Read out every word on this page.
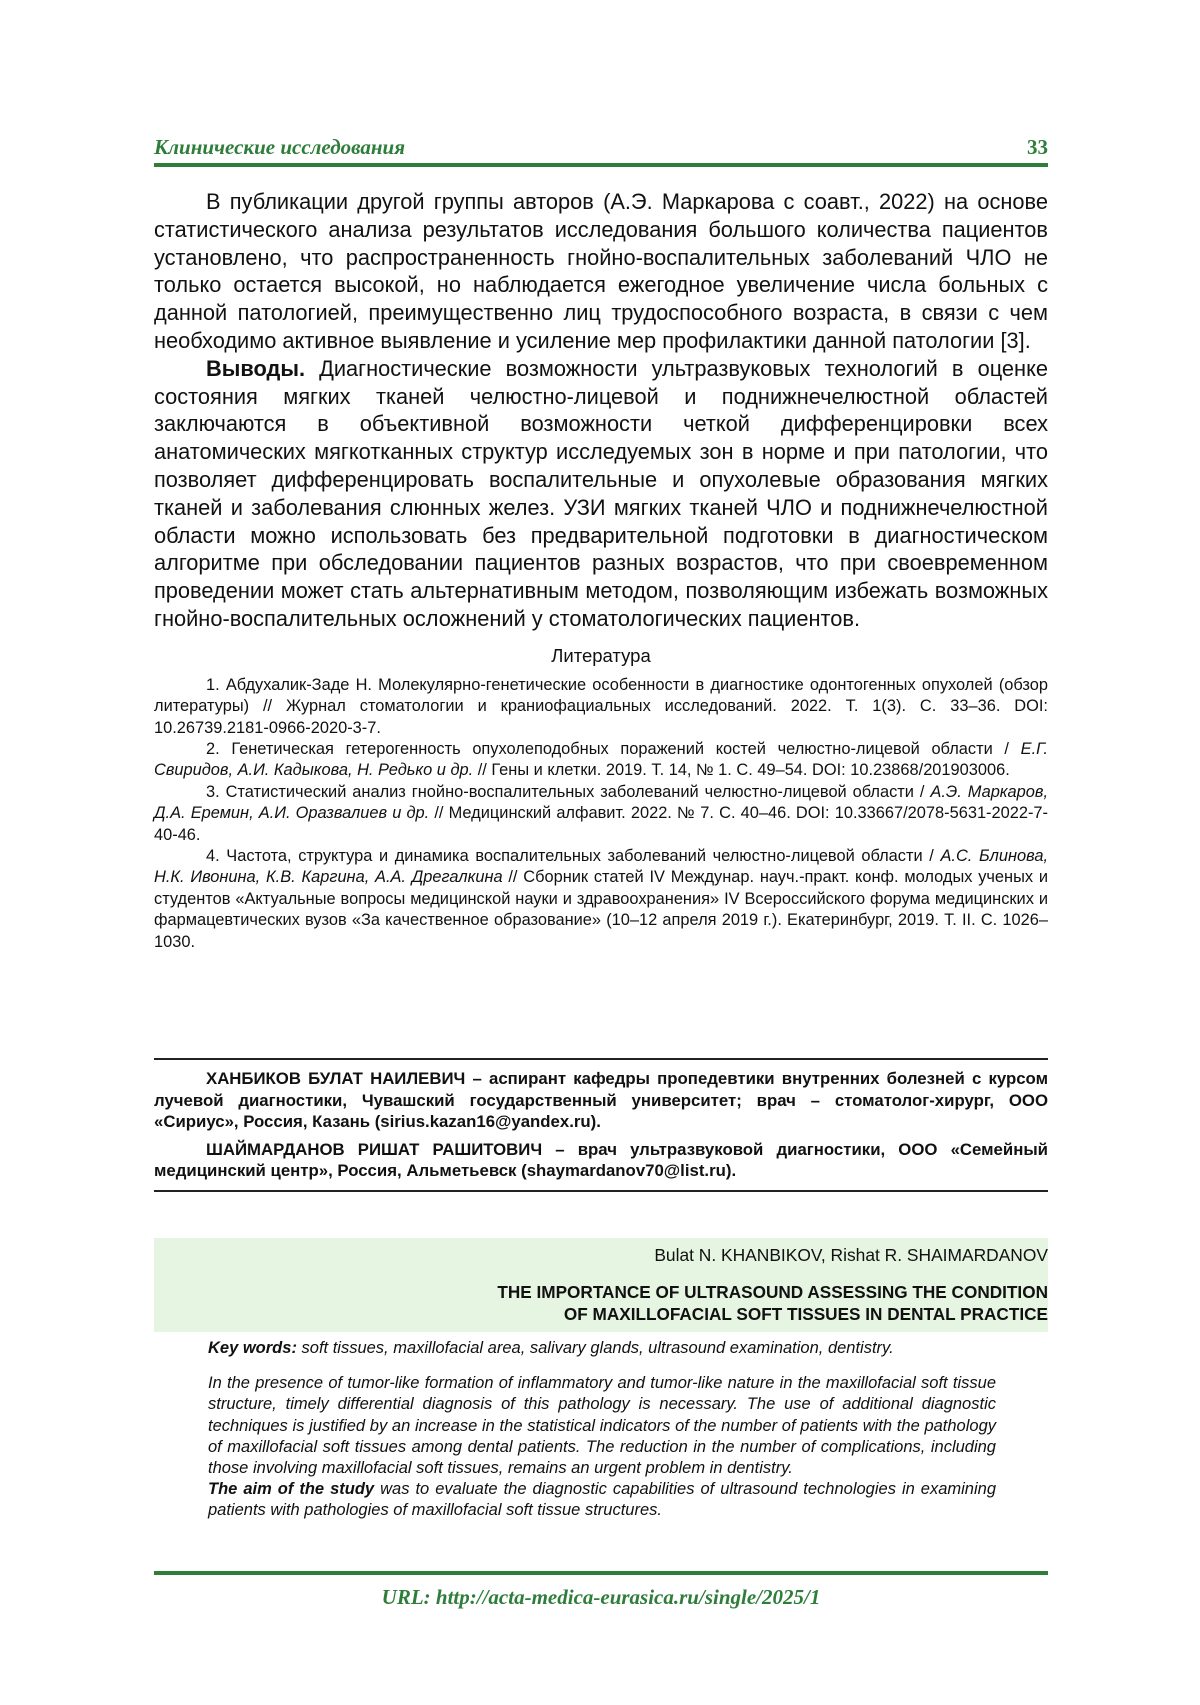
Клинические исследования	33

В публикации другой группы авторов (А.Э. Маркарова с соавт., 2022) на основе статистического анализа результатов исследования большого количества пациентов установлено, что распространенность гнойно-воспалительных заболеваний ЧЛО не только остается высокой, но наблюдается ежегодное увеличение числа больных с данной патологией, преимущественно лиц трудоспособного возраста, в связи с чем необходимо активное выявление и усиление мер профилактики данной патологии [3].

Выводы. Диагностические возможности ультразвуковых технологий в оценке состояния мягких тканей челюстно-лицевой и поднижнечелюстной областей заключаются в объективной возможности четкой дифференцировки всех анатомических мягкотканных структур исследуемых зон в норме и при патологии, что позволяет дифференцировать воспалительные и опухолевые образования мягких тканей и заболевания слюнных желез. УЗИ мягких тканей ЧЛО и поднижнечелюстной области можно использовать без предварительной подготовки в диагностическом алгоритме при обследовании пациентов разных возрастов, что при своевременном проведении может стать альтернативным методом, позволяющим избежать возможных гнойно-воспалительных осложнений у стоматологических пациентов.

Литература

1. Абдухалик-Заде Н. Молекулярно-генетические особенности в диагностике одонтогенных опухолей (обзор литературы) // Журнал стоматологии и краниофациальных исследований. 2022. Т. 1(3). С. 33–36. DOI: 10.26739.2181-0966-2020-3-7.

2. Генетическая гетерогенность опухолеподобных поражений костей челюстно-лицевой области / Е.Г. Свиридов, А.И. Кадыкова, Н. Редько и др. // Гены и клетки. 2019. Т. 14, № 1. С. 49–54. DOI: 10.23868/201903006.

3. Статистический анализ гнойно-воспалительных заболеваний челюстно-лицевой области / А.Э. Маркаров, Д.А. Еремин, А.И. Оразвалиев и др. // Медицинский алфавит. 2022. № 7. С. 40–46. DOI: 10.33667/2078-5631-2022-7-40-46.

4. Частота, структура и динамика воспалительных заболеваний челюстно-лицевой области / А.С. Блинова, Н.К. Ивонина, К.В. Каргина, А.А. Дрегалкина // Сборник статей IV Междунар. науч.-практ. конф. молодых ученых и студентов «Актуальные вопросы медицинской науки и здравоохранения» IV Всероссийского форума медицинских и фармацевтических вузов «За качественное образование» (10–12 апреля 2019 г.). Екатеринбург, 2019. Т. II. С. 1026–1030.

ХАНБИКОВ БУЛАТ НАИЛЕВИЧ – аспирант кафедры пропедевтики внутренних болезней с курсом лучевой диагностики, Чувашский государственный университет; врач – стоматолог-хирург, ООО «Сириус», Россия, Казань (sirius.kazan16@yandex.ru).

ШАЙМАРДАНОВ РИШАТ РАШИТОВИЧ – врач ультразвуковой диагностики, ООО «Семейный медицинский центр», Россия, Альметьевск (shaymardanov70@list.ru).

Bulat N. KHANBIKOV, Rishat R. SHAIMARDANOV
THE IMPORTANCE OF ULTRASOUND ASSESSING THE CONDITION
OF MAXILLOFACIAL SOFT TISSUES IN DENTAL PRACTICE

Key words: soft tissues, maxillofacial area, salivary glands, ultrasound examination, dentistry.

In the presence of tumor-like formation of inflammatory and tumor-like nature in the maxillofacial soft tissue structure, timely differential diagnosis of this pathology is necessary. The use of additional diagnostic techniques is justified by an increase in the statistical indicators of the number of patients with the pathology of maxillofacial soft tissues among dental patients. The reduction in the number of complications, including those involving maxillofacial soft tissues, remains an urgent problem in dentistry.

The aim of the study was to evaluate the diagnostic capabilities of ultrasound technologies in examining patients with pathologies of maxillofacial soft tissue structures.

URL: http://acta-medica-eurasica.ru/single/2025/1
